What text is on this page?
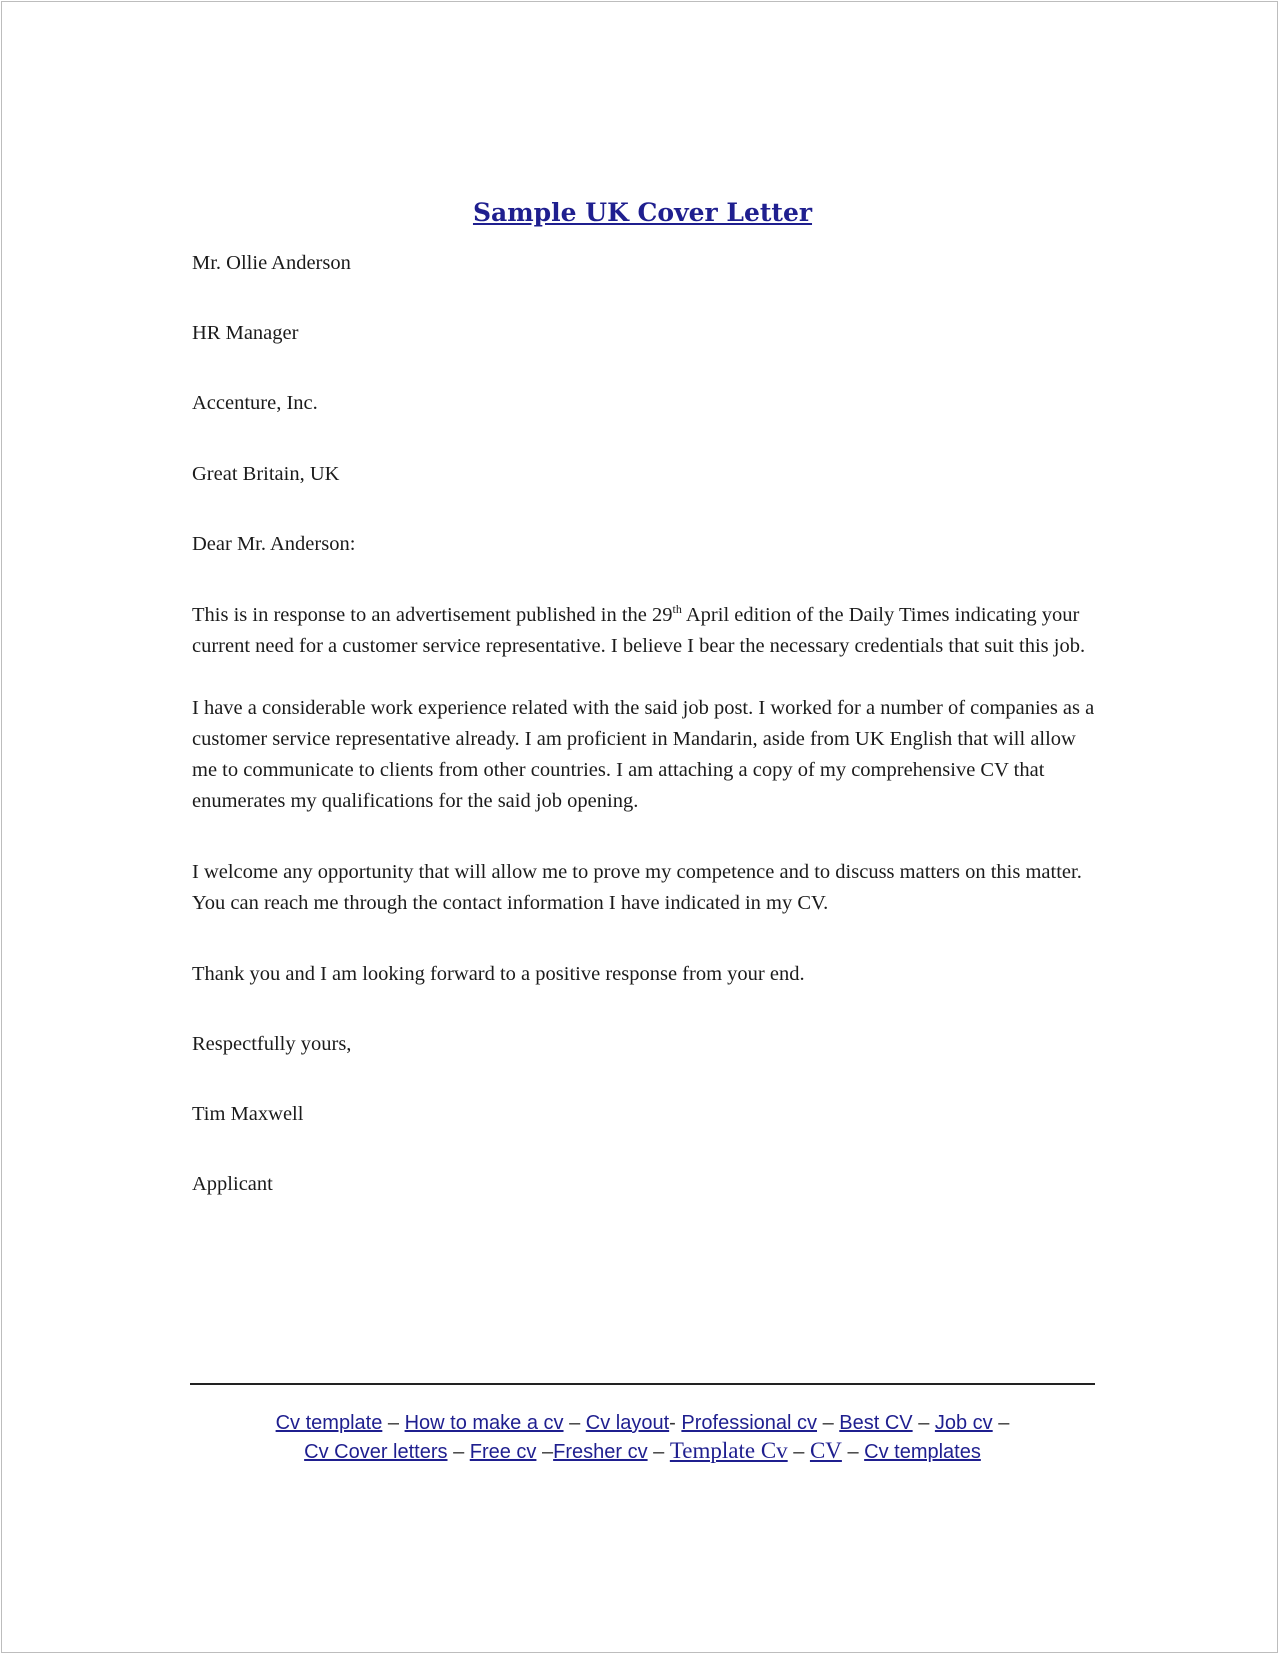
Sample UK Cover Letter

Mr. Ollie Anderson

HR Manager

Accenture, Inc.

Great Britain, UK

Dear Mr. Anderson:

This is in response to an advertisement published in the 29th April edition of the Daily Times indicating your current need for a customer service representative. I believe I bear the necessary credentials that suit this job.

I have a considerable work experience related with the said job post. I worked for a number of companies as a customer service representative already. I am proficient in Mandarin, aside from UK English that will allow me to communicate to clients from other countries. I am attaching a copy of my comprehensive CV that enumerates my qualifications for the said job opening.

I welcome any opportunity that will allow me to prove my competence and to discuss matters on this matter. You can reach me through the contact information I have indicated in my CV.

Thank you and I am looking forward to a positive response from your end.

Respectfully yours,

Tim Maxwell

Applicant

Cv template – How to make a cv – Cv layout- Professional cv – Best CV – Job cv –
Cv Cover letters – Free cv –Fresher cv – Template Cv – CV – Cv templates
